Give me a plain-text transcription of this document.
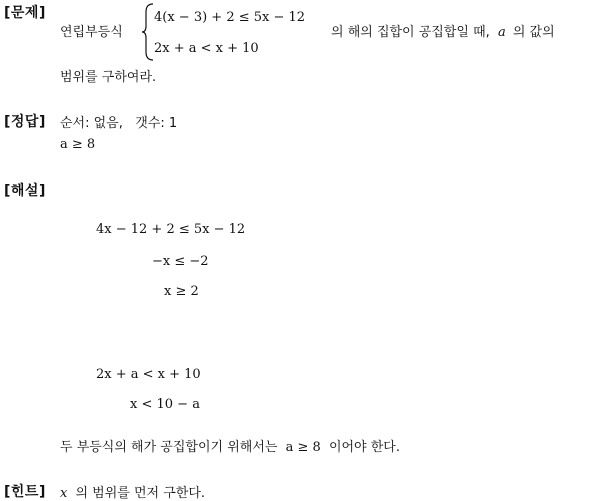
[문제]
연립부등식
4(x − 3) + 2 ≤ 5x − 12
2x + a < x + 10
의 해의 집합이 공집합일 때, a 의 값의
범위를 구하여라.
[정답] 순서: 없음,   갯수: 1
a ≥ 8
[해설]
4x − 12 + 2 ≤ 5x − 12
−x ≤ −2
x ≥ 2
2x + a < x + 10
x < 10 − a
두 부등식의 해가 공집합이기 위해서는 a ≥ 8 이어야 한다.
[힌트] x 의 범위를 먼저 구한다.
